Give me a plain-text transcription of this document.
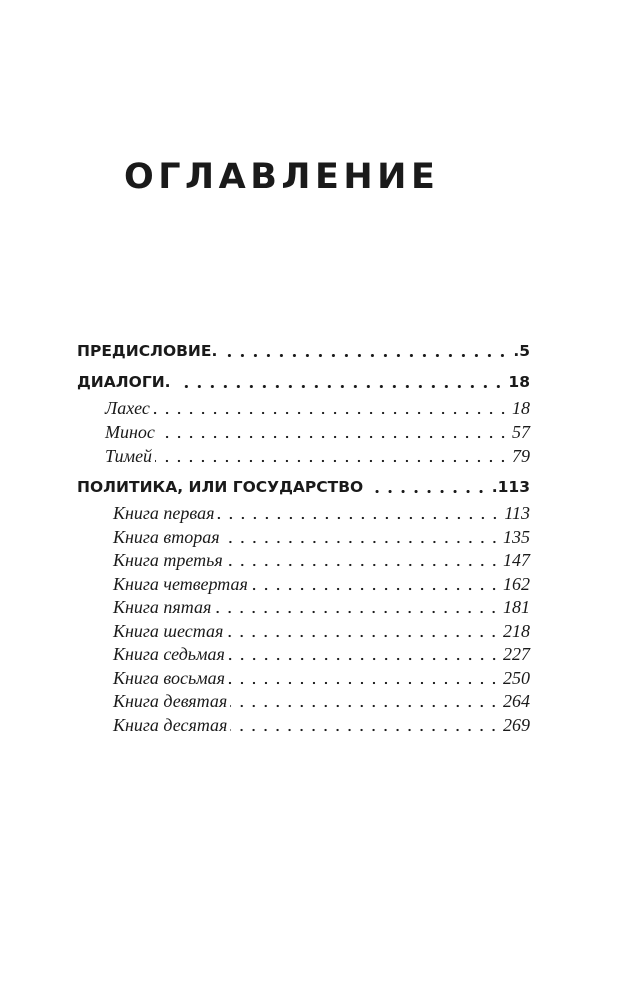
ОГЛАВЛЕНИЕ
ПРЕДИСЛОВИЕ.	.5
ДИАЛОГИ.	18
Лахес	18
Минос	57
Тимей	79
ПОЛИТИКА, ИЛИ ГОСУДАРСТВО	.113
Книга первая	113
Книга вторая	135
Книга третья	147
Книга четвертая	162
Книга пятая	181
Книга шестая	218
Книга седьмая	227
Книга восьмая	250
Книга девятая	264
Книга десятая	269
